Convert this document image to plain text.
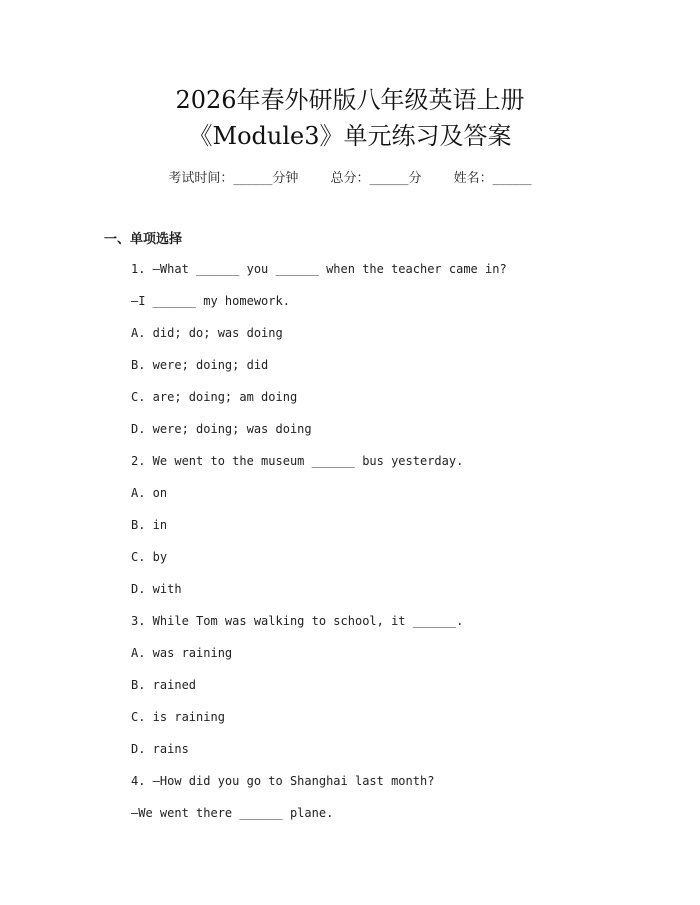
2026年春外研版八年级英语上册
《Module3》单元练习及答案
考试时间：______分钟 总分：______分 姓名：______
一、单项选择
1. —What ______ you ______ when the teacher came in?
—I ______ my homework.
A. did; do; was doing
B. were; doing; did
C. are; doing; am doing
D. were; doing; was doing
2. We went to the museum ______ bus yesterday.
A. on
B. in
C. by
D. with
3. While Tom was walking to school, it ______.
A. was raining
B. rained
C. is raining
D. rains
4. —How did you go to Shanghai last month?
—We went there ______ plane.
